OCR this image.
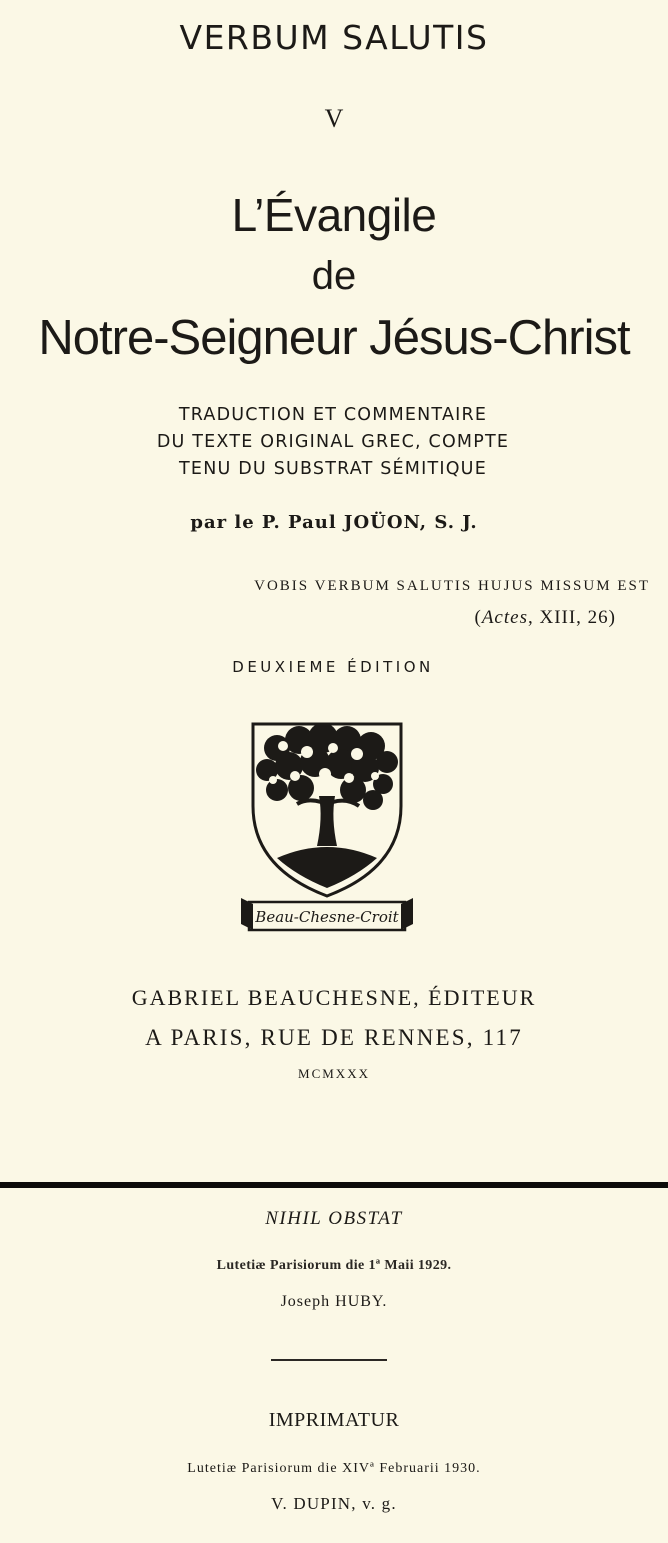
VERBUM SALUTIS
V
L’Évangile
de
Notre-Seigneur Jésus-Christ
TRADUCTION ET COMMENTAIRE
DU TEXTE ORIGINAL GREC, COMPTE
TENU DU SUBSTRAT SÉMITIQUE
par le P. Paul JOÜON, S. J.
VOBIS VERBUM SALUTIS HUJUS MISSUM EST
(Actes, XIII, 26)
DEUXIEME ÉDITION
Beau-Chesne-Croit
GABRIEL BEAUCHESNE, ÉDITEUR
A PARIS, RUE DE RENNES, 117
MCMXXX
NIHIL OBSTAT
Lutetiæ Parisiorum die 1ª Maii 1929.
Joseph HUBY.
IMPRIMATUR
Lutetiæ Parisiorum die XIVª Februarii 1930.
V. DUPIN, v. g.
